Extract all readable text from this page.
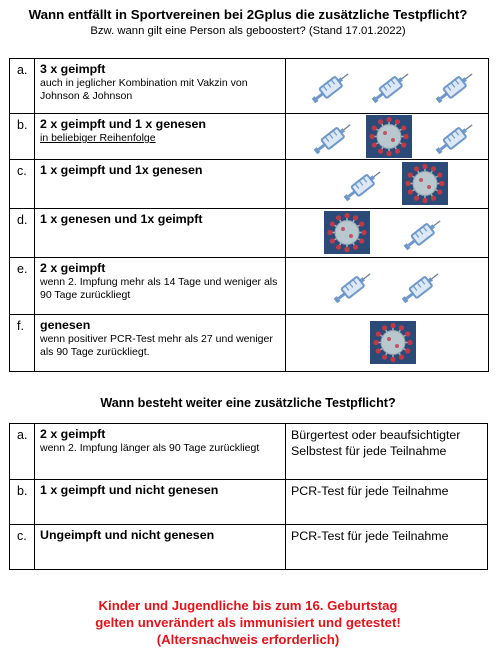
Wann entfällt in Sportvereinen bei 2Gplus die zusätzliche Testpflicht?
Bzw. wann gilt eine Person als geboostert? (Stand 17.01.2022)
a.	3 x geimpft
auch in jeglicher Kombination mit Vakzin von Johnson & Johnson

b.	2 x geimpft und 1 x genesen
in beliebiger Reihenfolge

c.	1 x geimpft und 1x genesen

d.	1 x genesen und 1x geimpft

e.	2 x geimpft
wenn 2. Impfung mehr als 14 Tage und weniger als 90 Tage zurückliegt

f.	genesen
wenn positiver PCR-Test mehr als 27 und weniger als 90 Tage zurückliegt.

Wann besteht weiter eine zusätzliche Testpflicht?
a.	2 x geimpft
wenn 2. Impfung länger als 90 Tage zurückliegt	Bürgertest oder beaufsichtigter Selbstest für jede Teilnahme
b.	1 x geimpft und nicht genesen	PCR-Test für jede Teilnahme
c.	Ungeimpft und nicht genesen	PCR-Test für jede Teilnahme
Kinder und Jugendliche bis zum 16. Geburtstag
gelten unverändert als immunisiert und getestet!
(Altersnachweis erforderlich)
